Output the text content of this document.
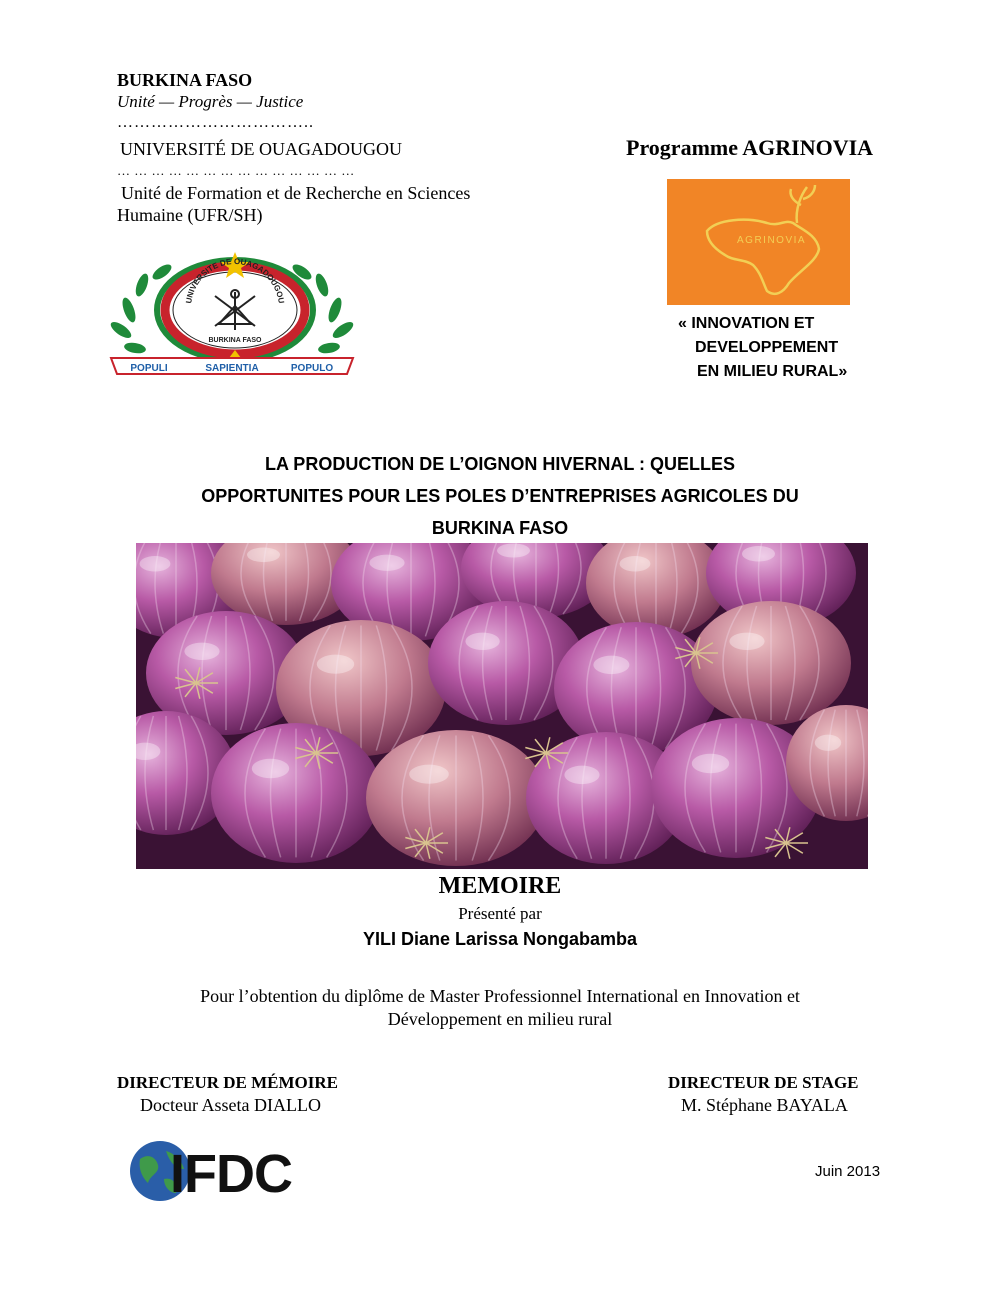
BURKINA FASO
Unité — Progrès — Justice
……………………………..
UNIVERSITÉ DE OUAGADOUGOU
… … … … … … … … … … … … … …
Unité de Formation et de Recherche en Sciences
Humaine (UFR/SH)
UNIVERSITE DE OUAGADOUGOU
BURKINA FASO
POPULI	SAPIENTIA	POPULO
Programme AGRINOVIA
AGRINOVIA
« INNOVATION ET
DEVELOPPEMENT
EN MILIEU RURAL»
LA PRODUCTION DE L’OIGNON HIVERNAL : QUELLES
OPPORTUNITES POUR LES POLES D’ENTREPRISES AGRICOLES DU
BURKINA FASO
MEMOIRE
Présenté par
YILI Diane Larissa Nongabamba
Pour l’obtention du diplôme de Master Professionnel International en Innovation et
Développement en milieu rural
DIRECTEUR DE MÉMOIRE
Docteur Asseta DIALLO
DIRECTEUR DE STAGE
M. Stéphane BAYALA
IFDC	Juin 2013
